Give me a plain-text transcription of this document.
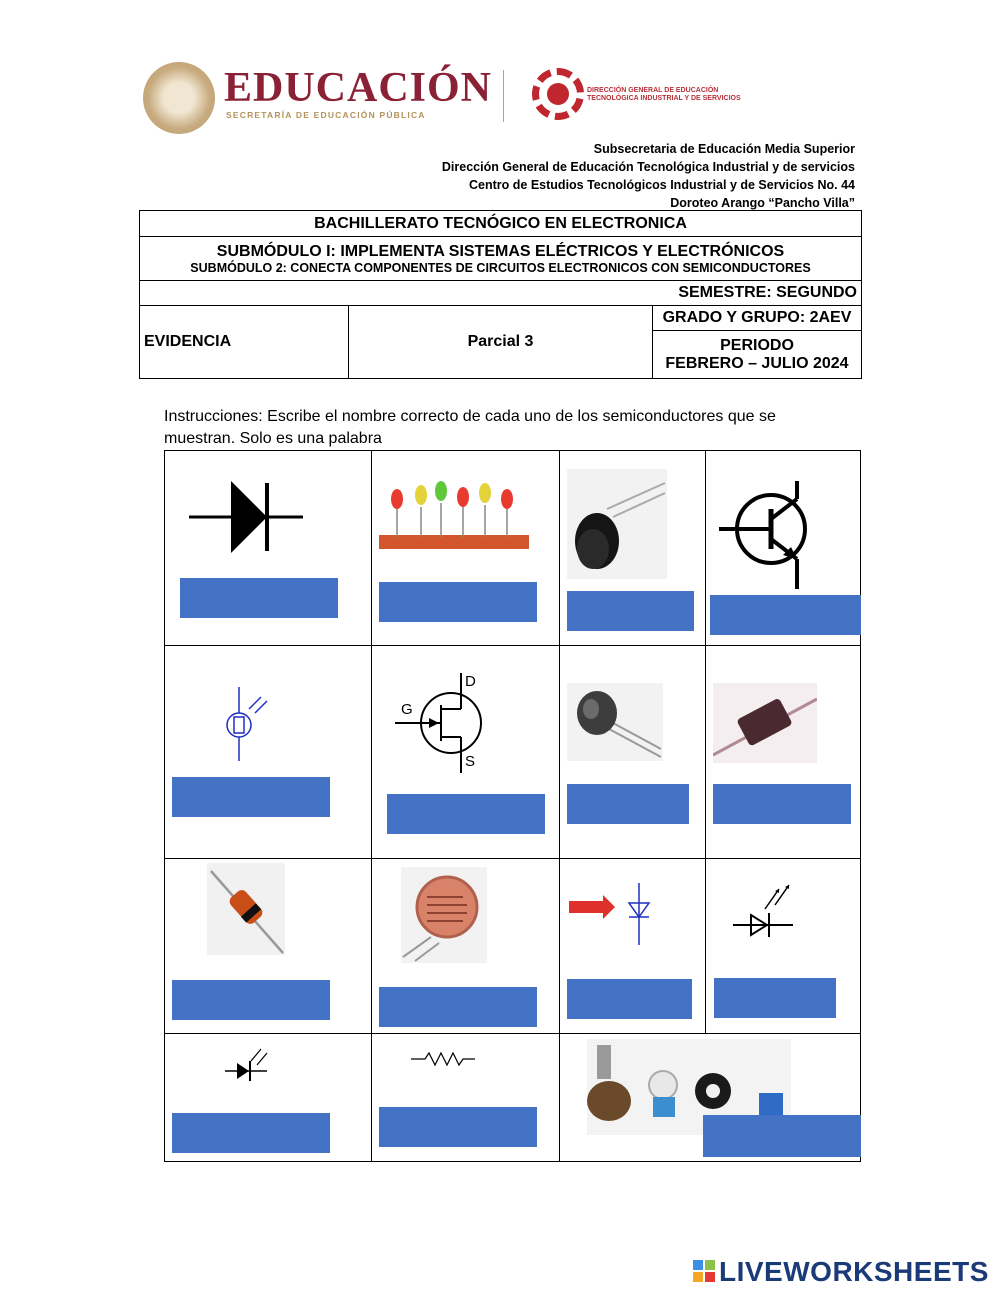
EDUCACIÓN
SECRETARÍA DE EDUCACIÓN PÚBLICA
DIRECCIÓN GENERAL DE EDUCACIÓN
TECNOLÓGICA INDUSTRIAL Y DE SERVICIOS
Subsecretaria de Educación Media Superior
Dirección General de Educación Tecnológica Industrial y de servicios
Centro de Estudios Tecnológicos Industrial y de Servicios No. 44
Doroteo Arango “Pancho Villa”
BACHILLERATO TECNÓGICO EN ELECTRONICA

SUBMÓDULO I: IMPLEMENTA SISTEMAS ELÉCTRICOS Y ELECTRÓNICOS
SUBMÓDULO 2: CONECTA COMPONENTES DE CIRCUITOS ELECTRONICOS CON SEMICONDUCTORES

SEMESTRE: SEGUNDO
EVIDENCIA	Parcial 3	GRADO Y GRUPO: 2AEV

PERIODO
FEBRERO – JULIO 2024
Instrucciones: Escribe el nombre correcto de cada uno de los semiconductores que se muestran. Solo es una palabra
D
G
S
LIVEWORKSHEETS
